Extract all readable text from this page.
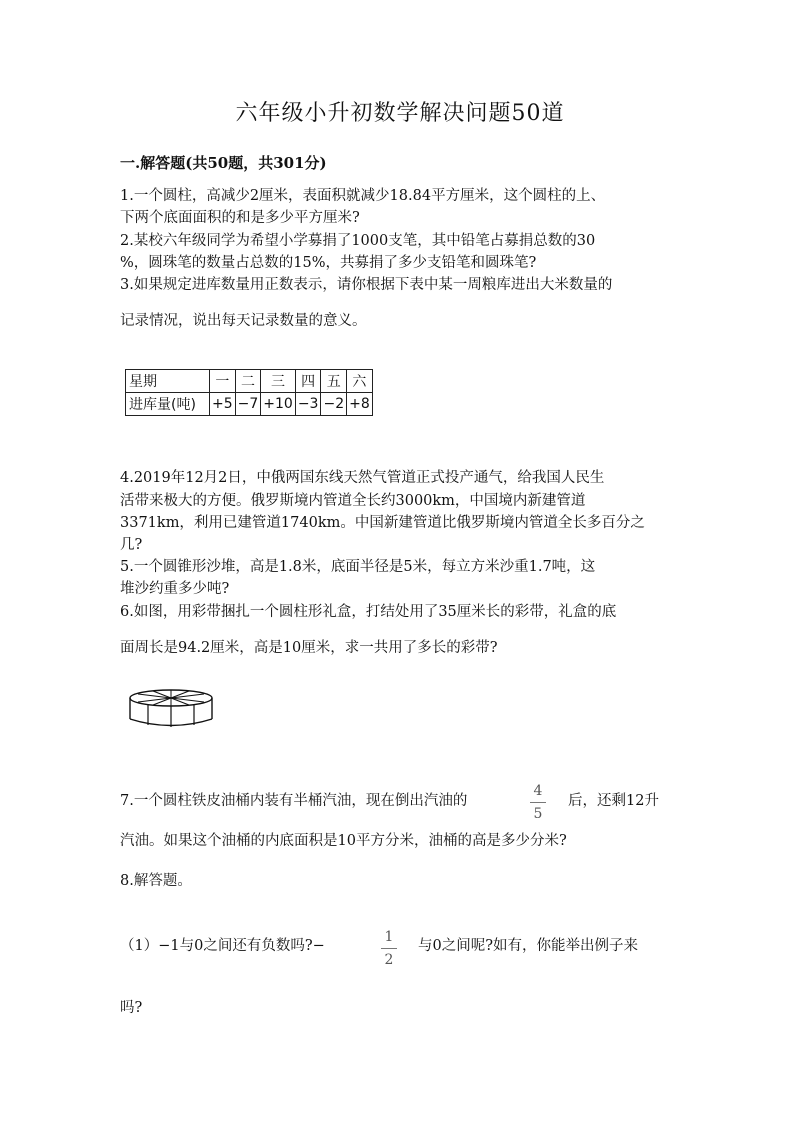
六年级小升初数学解决问题50道
一.解答题(共50题，共301分)
1.一个圆柱，高减少2厘米，表面积就减少18.84平方厘米，这个圆柱的上、
下两个底面面积的和是多少平方厘米?
2.某校六年级同学为希望小学募捐了1000支笔，其中铅笔占募捐总数的30
%，圆珠笔的数量占总数的15%，共募捐了多少支铅笔和圆珠笔?
3.如果规定进库数量用正数表示，请你根据下表中某一周粮库进出大米数量的
记录情况，说出每天记录数量的意义。
星期	一	二	三	四	五	六
进库量(吨)	+5	−7	+10	−3	−2	+8
4.2019年12月2日，中俄两国东线天然气管道正式投产通气，给我国人民生
活带来极大的方便。俄罗斯境内管道全长约3000km，中国境内新建管道
3371km，利用已建管道1740km。中国新建管道比俄罗斯境内管道全长多百分之
几?
5.一个圆锥形沙堆，高是1.8米，底面半径是5米，每立方米沙重1.7吨，这
堆沙约重多少吨?
6.如图，用彩带捆扎一个圆柱形礼盒，打结处用了35厘米长的彩带，礼盒的底
面周长是94.2厘米，高是10厘米，求一共用了多长的彩带?
7.一个圆柱铁皮油桶内装有半桶汽油，现在倒出汽油的
4
5
后，还剩12升
汽油。如果这个油桶的内底面积是10平方分米，油桶的高是多少分米?
8.解答题。
（1）−1与0之间还有负数吗?−
1
2
与0之间呢?如有，你能举出例子来
吗?
